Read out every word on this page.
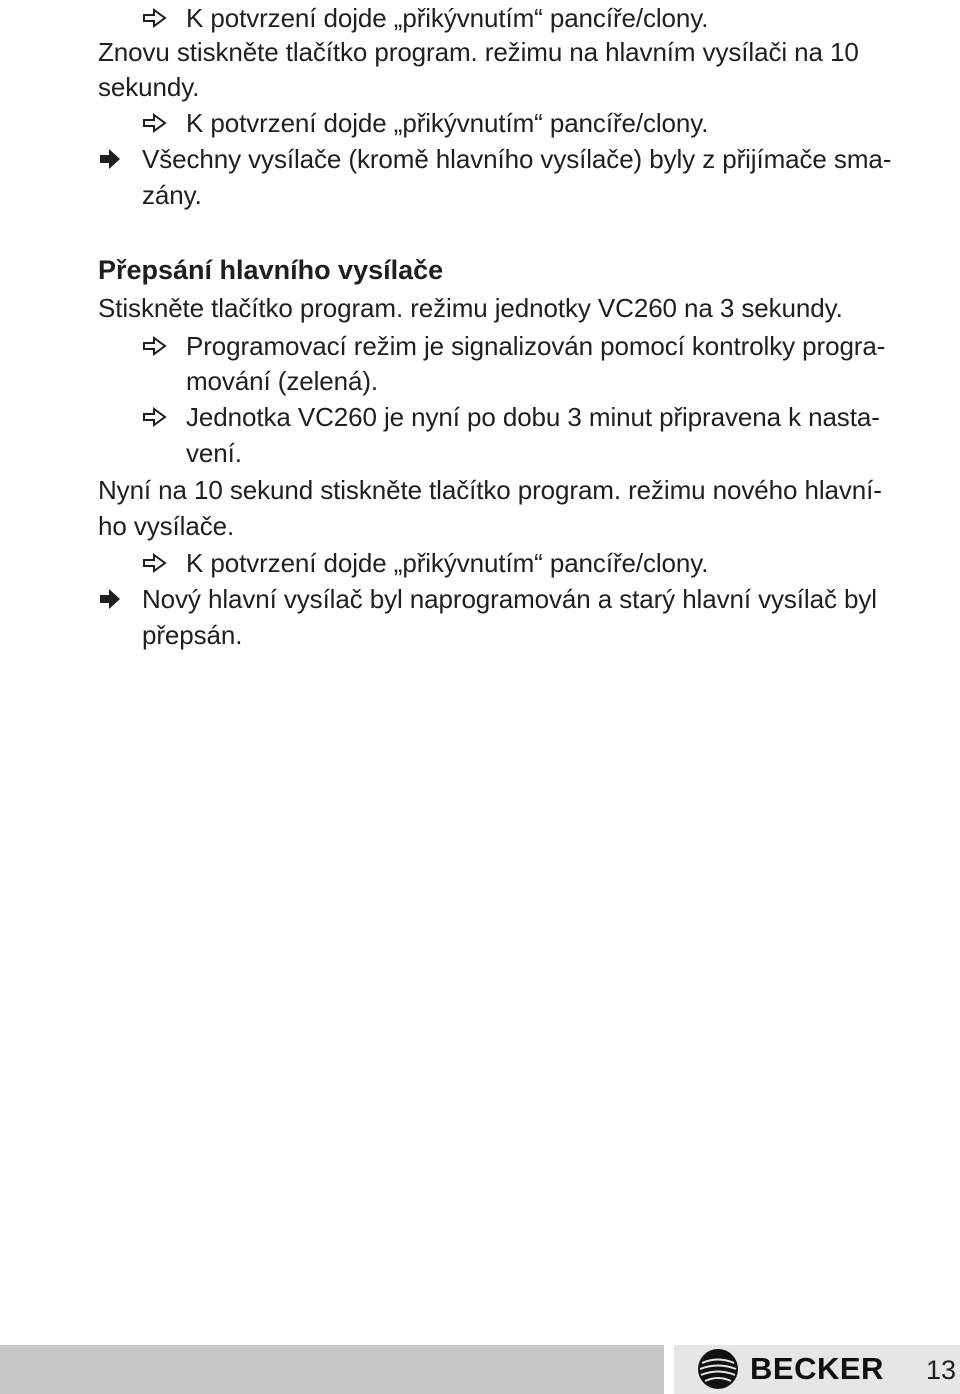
K potvrzení dojde „přikývnutím“ pancíře/clony.
Znovu stiskněte tlačítko program. režimu na hlavním vysílači na 10
sekundy.
K potvrzení dojde „přikývnutím“ pancíře/clony.
Všechny vysílače (kromě hlavního vysílače) byly z přijímače sma-
zány.
Přepsání hlavního vysílače
Stiskněte tlačítko program. režimu jednotky VC260 na 3 sekundy.
Programovací režim je signalizován pomocí kontrolky progra-
mování (zelená).
Jednotka VC260 je nyní po dobu 3 minut připravena k nasta-
vení.
Nyní na 10 sekund stiskněte tlačítko program. režimu nového hlavní-
ho vysílače.
K potvrzení dojde „přikývnutím“ pancíře/clony.
Nový hlavní vysílač byl naprogramován a starý hlavní vysílač byl
přepsán.
BECKER	13
